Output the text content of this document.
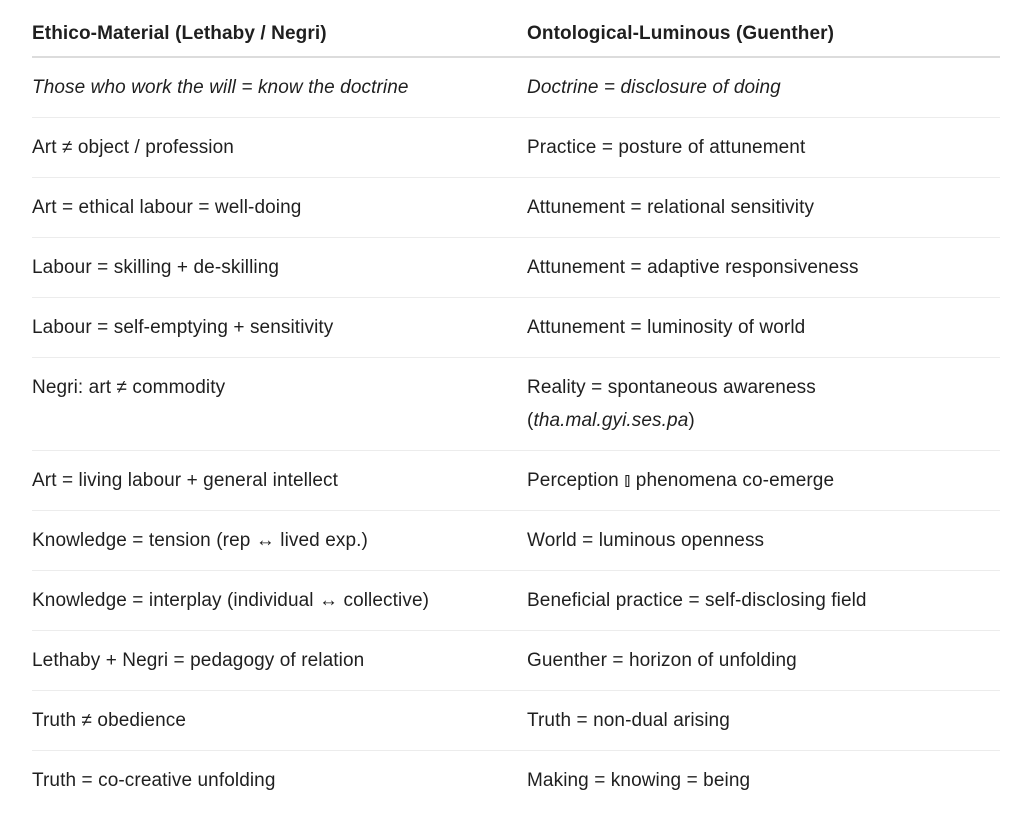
Ethico-Material (Lethaby / Negri)	Ontological-Luminous (Guenther)
Those who work the will = know the doctrine	Doctrine = disclosure of doing
Art ≠ object / profession	Practice = posture of attunement
Art = ethical labour = well-doing	Attunement = relational sensitivity
Labour = skilling + de-skilling	Attunement = adaptive responsiveness
Labour = self-emptying + sensitivity	Attunement = luminosity of world
Negri: art ≠ commodity	Reality = spontaneous awareness
(tha.mal.gyi.ses.pa)
Art = living labour + general intellect	Perception ⫾ phenomena co-emerge
Knowledge = tension (rep ↔ lived exp.)	World = luminous openness
Knowledge = interplay (individual ↔ collective)	Beneficial practice = self-disclosing field
Lethaby + Negri = pedagogy of relation	Guenther = horizon of unfolding
Truth ≠ obedience	Truth = non-dual arising
Truth = co-creative unfolding	Making = knowing = being
